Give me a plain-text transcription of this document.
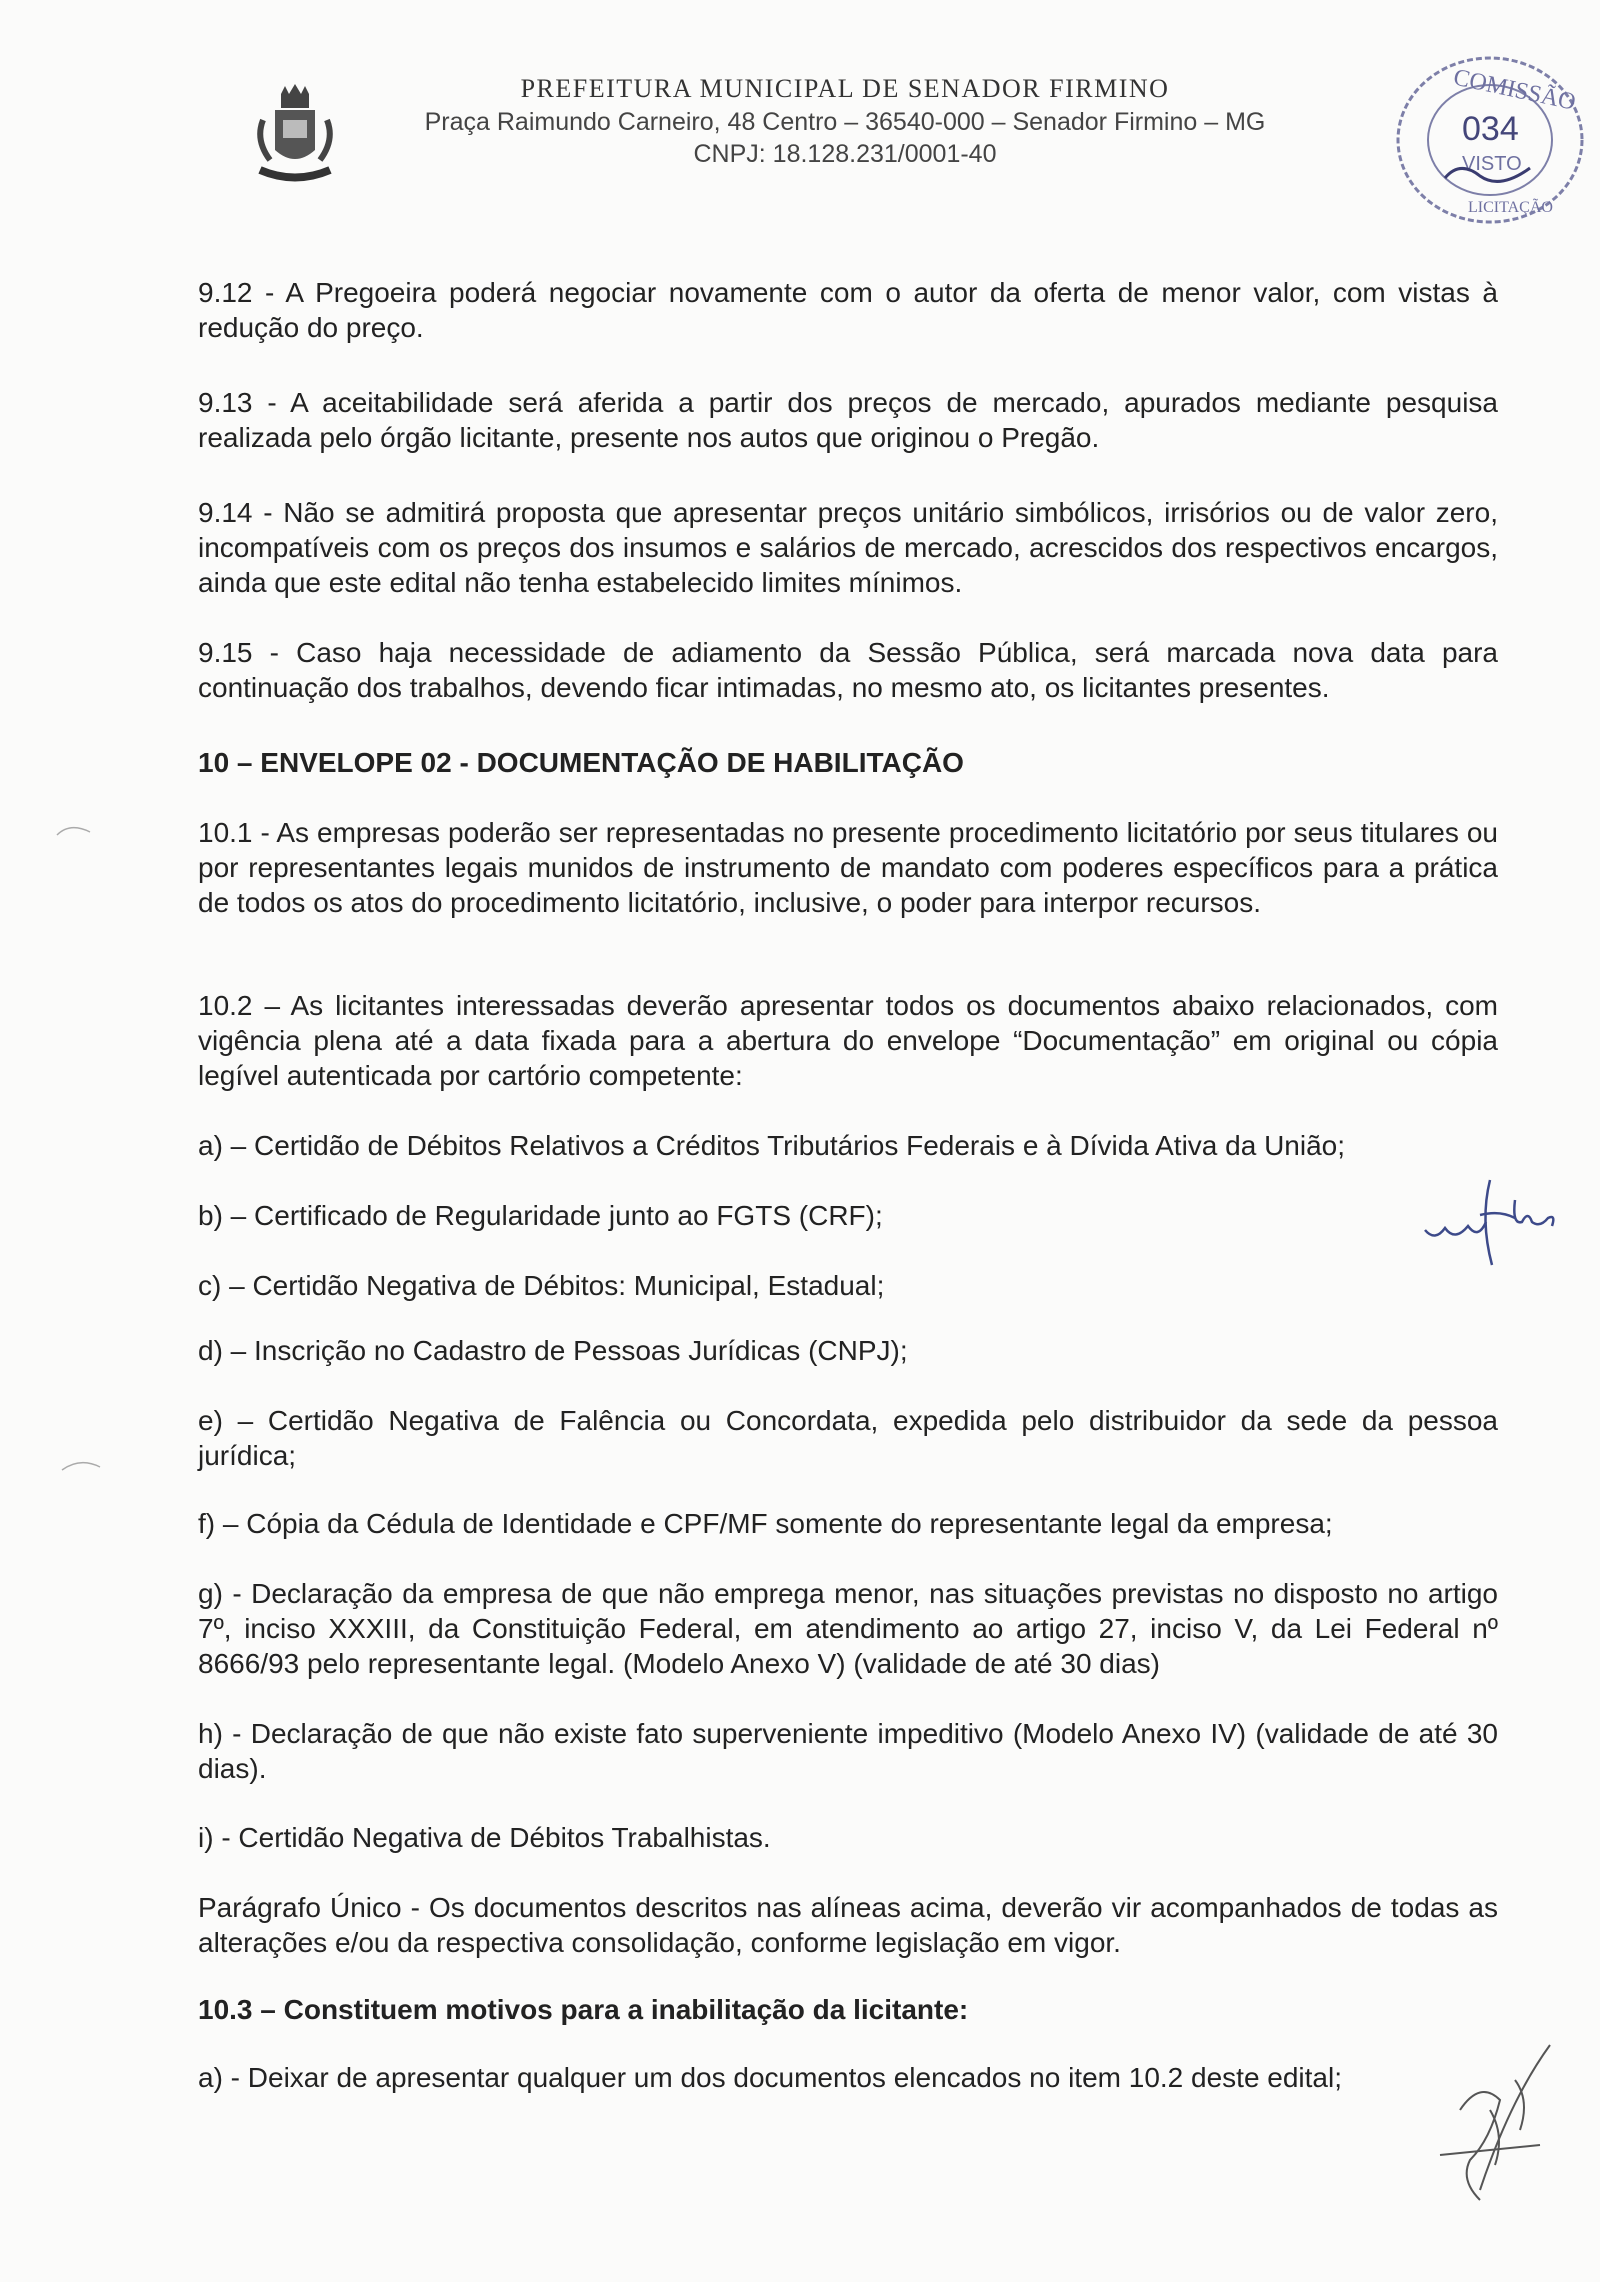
PREFEITURA MUNICIPAL DE SENADOR FIRMINO
Praça Raimundo Carneiro, 48 Centro – 36540-000 – Senador Firmino – MG
CNPJ: 18.128.231/0001-40
COMISSÃO
034
VISTO
LICITAÇÃO

9.12 - A Pregoeira poderá negociar novamente com o autor da oferta de menor valor, com vistas à redução do preço.

9.13 - A aceitabilidade será aferida a partir dos preços de mercado, apurados mediante pesquisa realizada pelo órgão licitante, presente nos autos que originou o Pregão.

9.14 - Não se admitirá proposta que apresentar preços unitário simbólicos, irrisórios ou de valor zero, incompatíveis com os preços dos insumos e salários de mercado, acrescidos dos respectivos encargos, ainda que este edital não tenha estabelecido limites mínimos.

9.15 - Caso haja necessidade de adiamento da Sessão Pública, será marcada nova data para continuação dos trabalhos, devendo ficar intimadas, no mesmo ato, os licitantes presentes.

10 – ENVELOPE 02 - DOCUMENTAÇÃO DE HABILITAÇÃO

10.1 - As empresas poderão ser representadas no presente procedimento licitatório por seus titulares ou por representantes legais munidos de instrumento de mandato com poderes específicos para a prática de todos os atos do procedimento licitatório, inclusive, o poder para interpor recursos.

10.2 – As licitantes interessadas deverão apresentar todos os documentos abaixo relacionados, com vigência plena até a data fixada para a abertura do envelope “Documentação” em original ou cópia legível autenticada por cartório competente:

a) – Certidão de Débitos Relativos a Créditos Tributários Federais e à Dívida Ativa da União;

b) – Certificado de Regularidade junto ao FGTS (CRF);

c) – Certidão Negativa de Débitos: Municipal, Estadual;

d) – Inscrição no Cadastro de Pessoas Jurídicas (CNPJ);

e) – Certidão Negativa de Falência ou Concordata, expedida pelo distribuidor da sede da pessoa jurídica;

f) – Cópia da Cédula de Identidade e CPF/MF somente do representante legal da empresa;

g) - Declaração da empresa de que não emprega menor, nas situações previstas no disposto no artigo 7º, inciso XXXIII, da Constituição Federal, em atendimento ao artigo 27, inciso V, da Lei Federal nº 8666/93 pelo representante legal. (Modelo Anexo V) (validade de até 30 dias)

h) - Declaração de que não existe fato superveniente impeditivo (Modelo Anexo IV) (validade de até 30 dias).

i) - Certidão Negativa de Débitos Trabalhistas.

Parágrafo Único - Os documentos descritos nas alíneas acima, deverão vir acompanhados de todas as alterações e/ou da respectiva consolidação, conforme legislação em vigor.

10.3 – Constituem motivos para a inabilitação da licitante:

a) - Deixar de apresentar qualquer um dos documentos elencados no item 10.2 deste edital;
